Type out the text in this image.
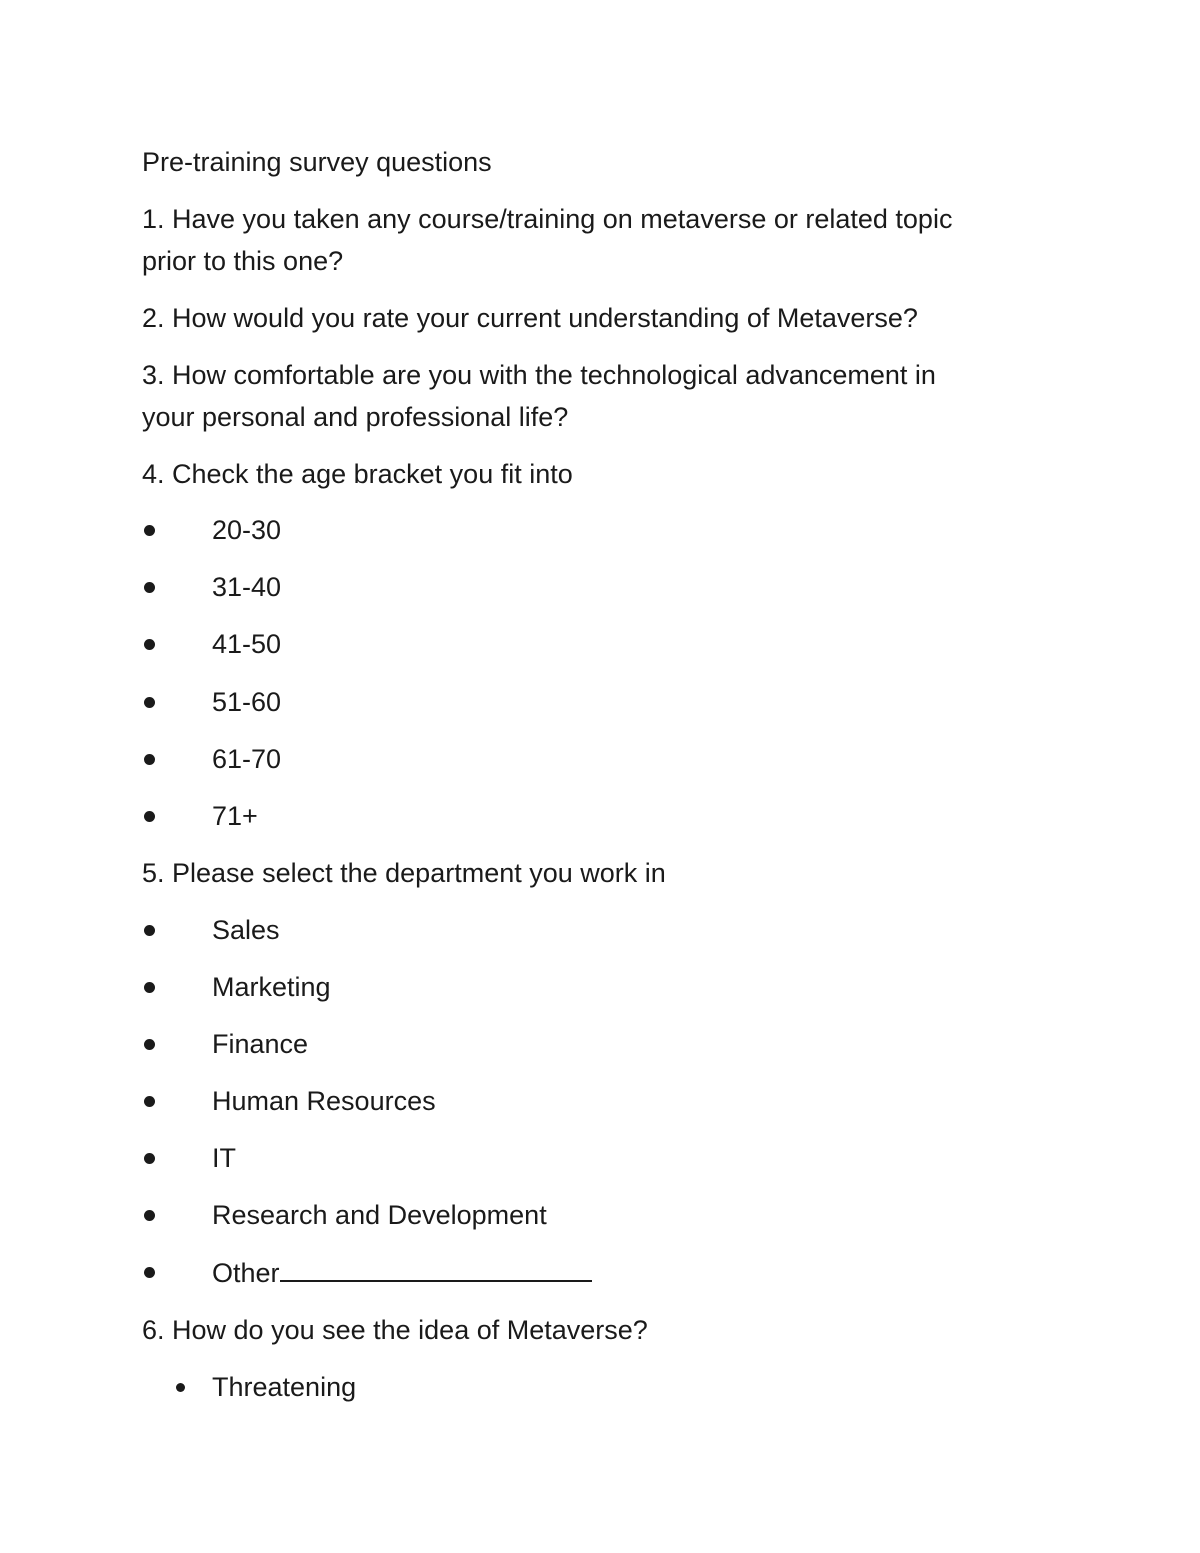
Pre-training survey questions
1. Have you taken any course/training on metaverse or related topic
prior to this one?
2. How would you rate your current understanding of Metaverse?
3. How comfortable are you with the technological advancement in
your personal and professional life?
4. Check the age bracket you fit into
20-30
31-40
41-50
51-60
61-70
71+
5. Please select the department you work in
Sales
Marketing
Finance
Human Resources
IT
Research and Development
Other
6. How do you see the idea of Metaverse?
Threatening
